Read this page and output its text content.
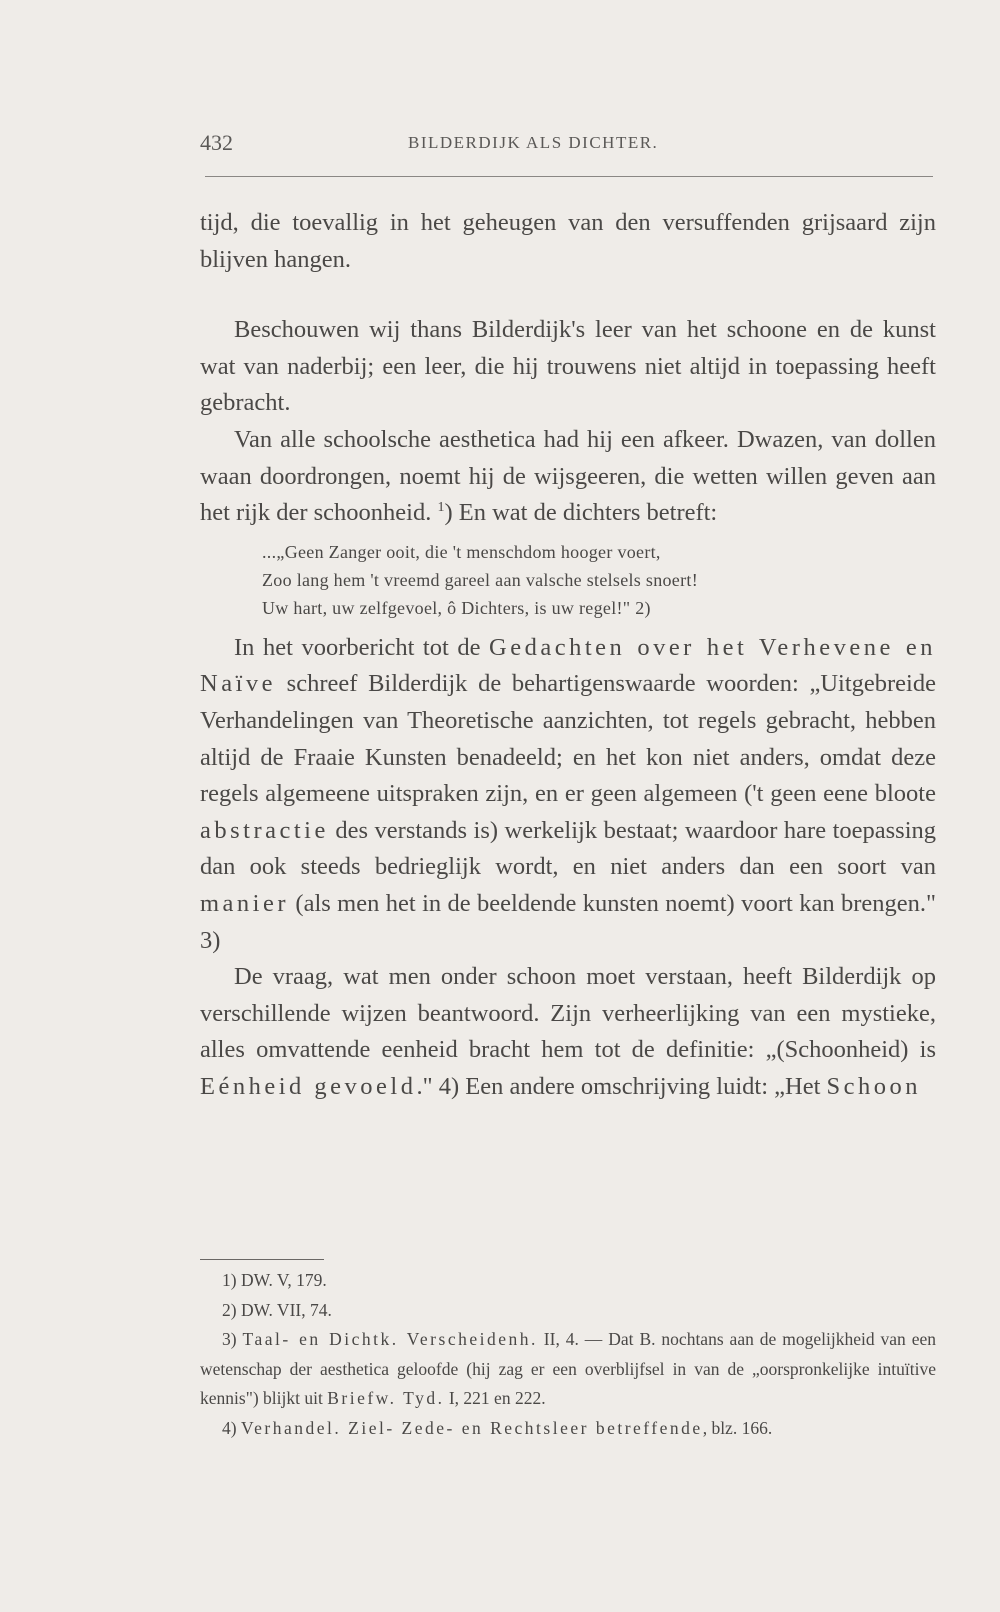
432	BILDERDIJK ALS DICHTER.

tijd, die toevallig in het geheugen van den versuffenden grijsaard zijn blijven hangen.

Beschouwen wij thans Bilderdijk's leer van het schoone en de kunst wat van naderbij; een leer, die hij trouwens niet altijd in toepassing heeft gebracht.

Van alle schoolsche aesthetica had hij een afkeer. Dwazen, van dollen waan doordrongen, noemt hij de wijsgeeren, die wetten willen geven aan het rijk der schoonheid. $^1$) En wat de dichters betreft:

...„Geen Zanger ooit, die 't menschdom hooger voert,
Zoo lang hem 't vreemd gareel aan valsche stelsels snoert!
Uw hart, uw zelfgevoel, ô Dichters, is uw regel!" 2)

In het voorbericht tot de Gedachten over het Verhevene en Naïve schreef Bilderdijk de behartigenswaarde woorden: „Uitgebreide Verhandelingen van Theoretische aanzichten, tot regels gebracht, hebben altijd de Fraaie Kunsten benadeeld; en het kon niet anders, omdat deze regels algemeene uitspraken zijn, en er geen algemeen ('t geen eene bloote abstractie des verstands is) werkelijk bestaat; waardoor hare toepassing dan ook steeds bedrieglijk wordt, en niet anders dan een soort van manier (als men het in de beeldende kunsten noemt) voort kan brengen." 3)

De vraag, wat men onder schoon moet verstaan, heeft Bilderdijk op verschillende wijzen beantwoord. Zijn verheerlijking van een mystieke, alles omvattende eenheid bracht hem tot de definitie: „(Schoonheid) is Eénheid gevoeld." 4) Een andere omschrijving luidt: „Het Schoon

1) DW. V, 179.

2) DW. VII, 74.

3) Taal- en Dichtk. Verscheidenh. II, 4. — Dat B. nochtans aan de mogelijkheid van een wetenschap der aesthetica geloofde (hij zag er een overblijfsel in van de „oorspronkelijke intuïtive kennis") blijkt uit Briefw. Tyd. I, 221 en 222.

4) Verhandel. Ziel- Zede- en Rechtsleer betreffende, blz. 166.
